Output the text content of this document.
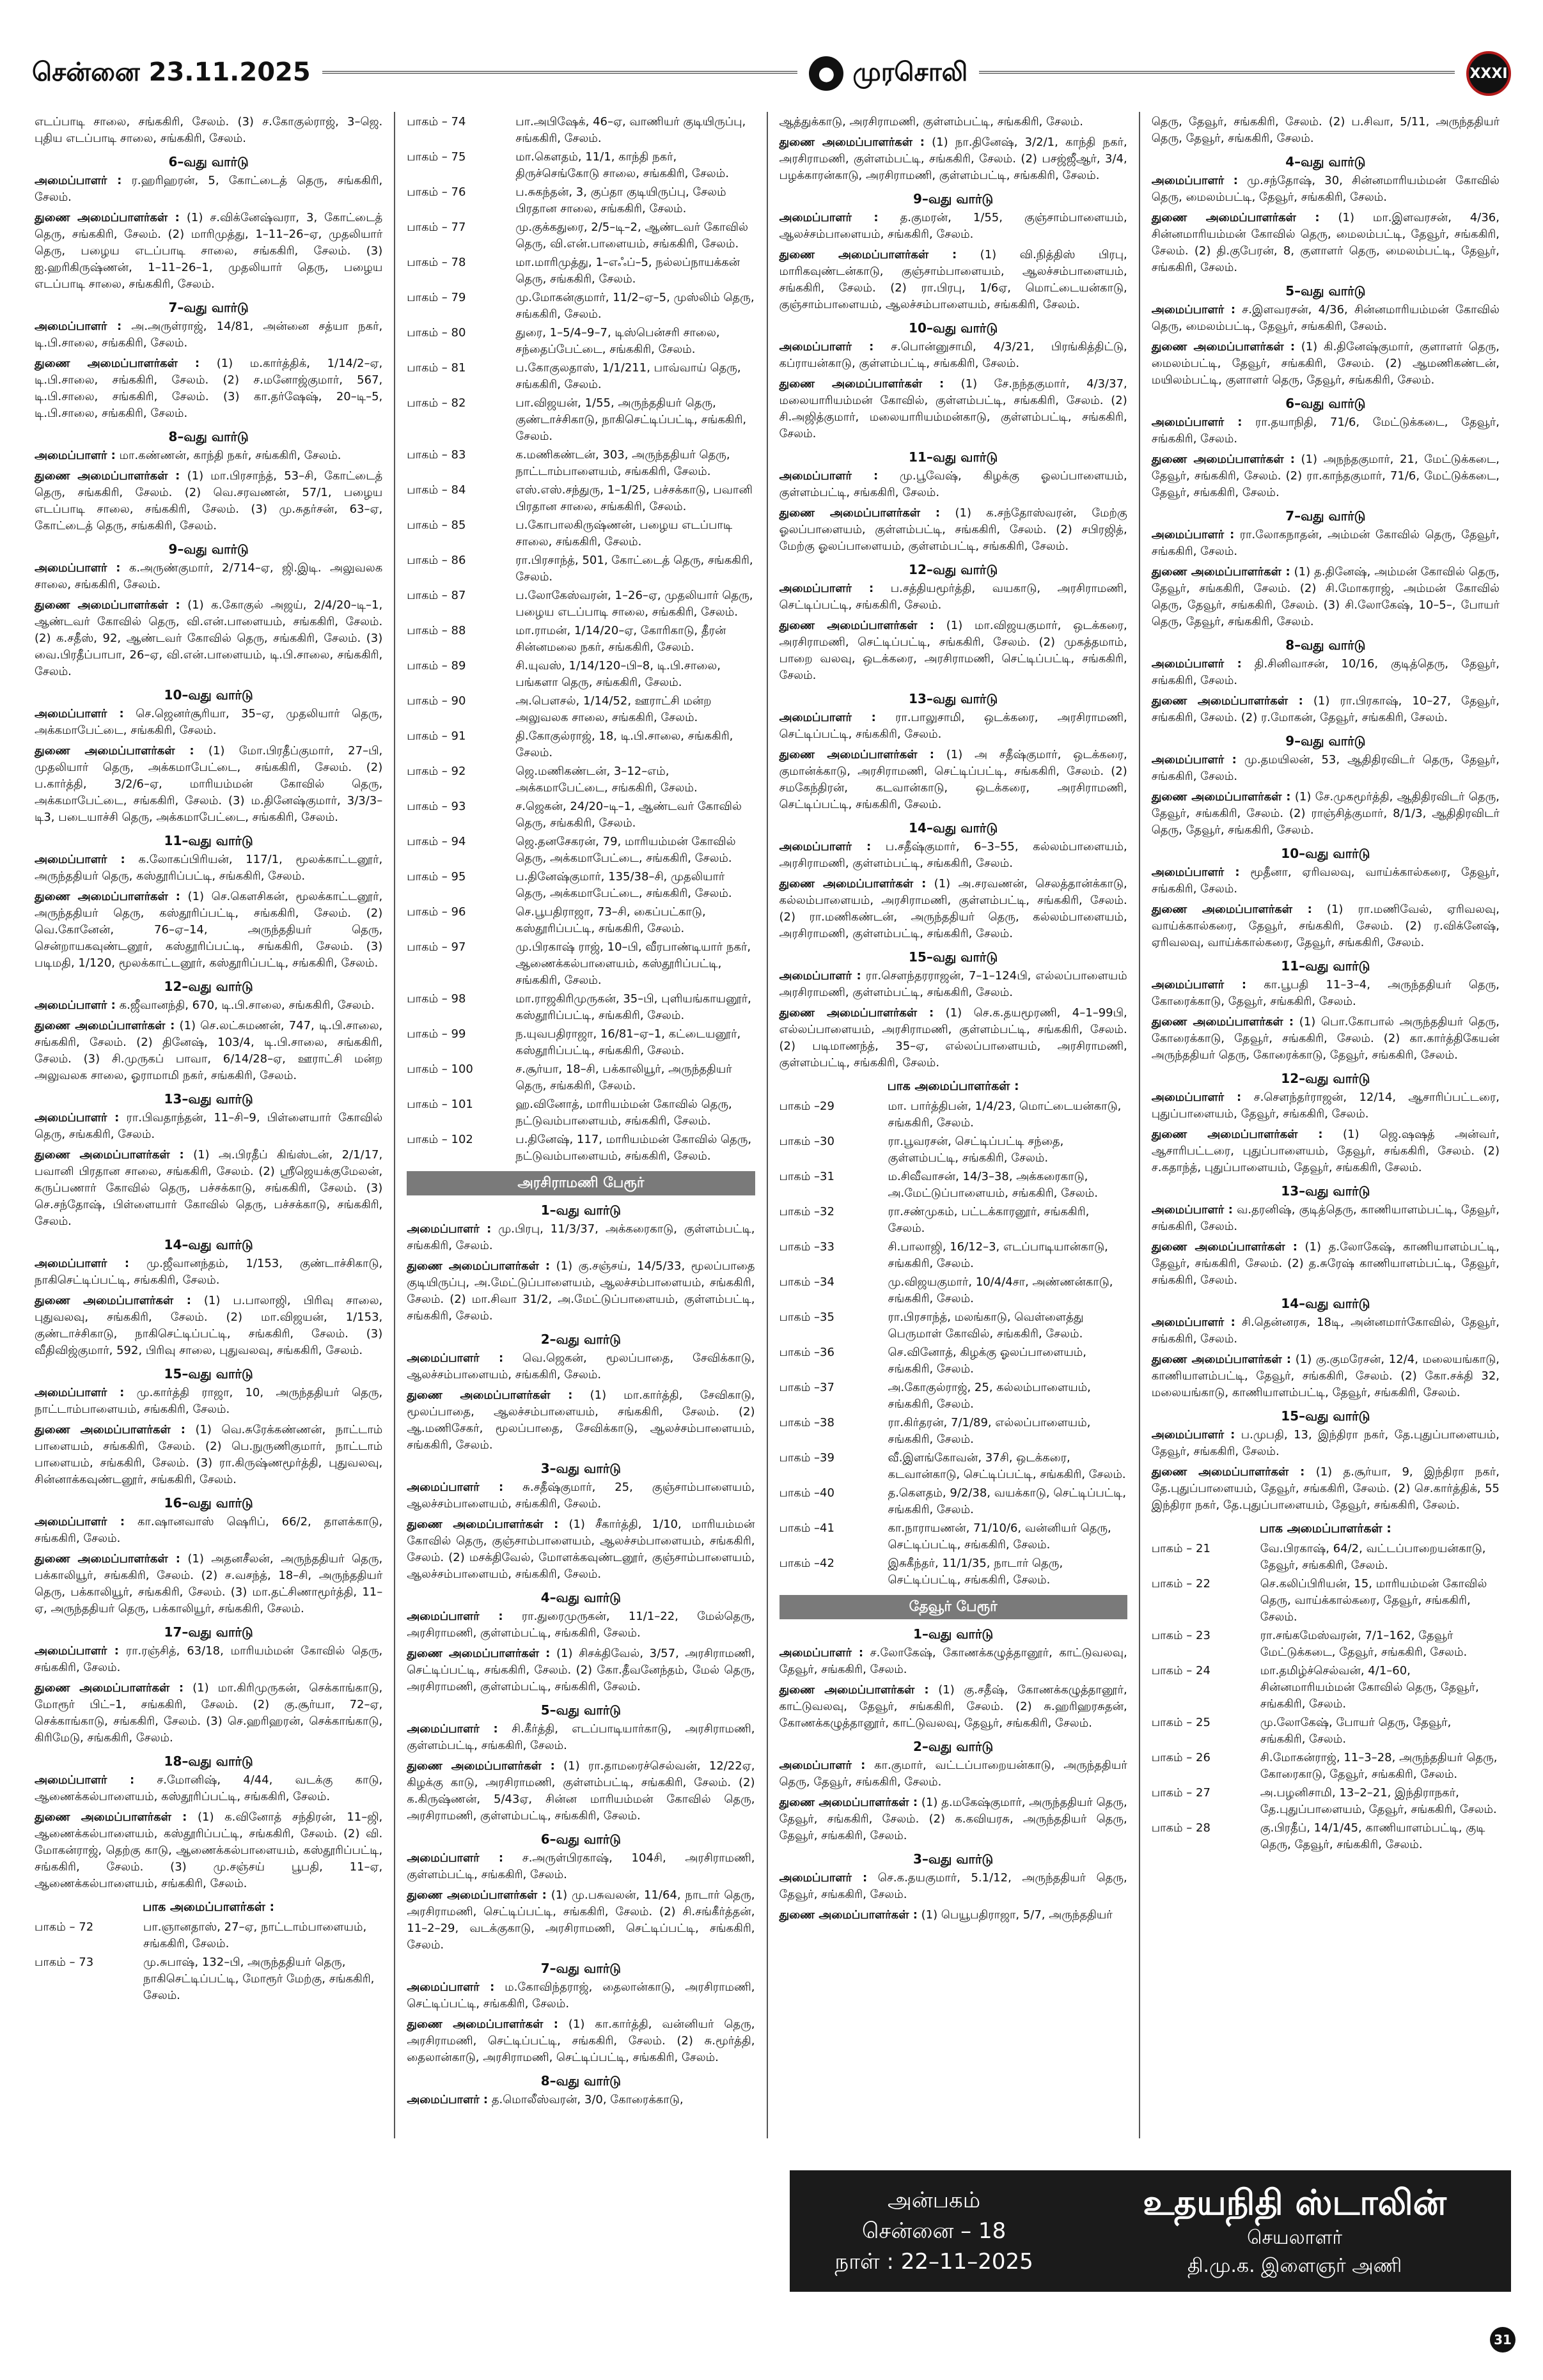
சென்னை 23.11.2025	● முரசொலி	XXXI
எடப்பாடி சாலை, சங்ககிரி, சேலம். (3) ச.கோகுல்ராஜ், 3–ஜெ. புதிய எடப்பாடி சாலை, சங்ககிரி, சேலம்.
6–வது வார்டு
அமைப்பாளர் : ர.ஹரிஹரன், 5, கோட்டைத் தெரு, சங்ககிரி, சேலம்.
துணை அமைப்பாளர்கள் : (1) ச.விக்னேஷ்வரா, 3, கோட்டைத் தெரு, சங்ககிரி, சேலம். (2) மாரிமுத்து, 1–11–26–ஏ, முதலியார் தெரு, பழைய எடப்பாடி சாலை, சங்ககிரி, சேலம். (3) ஐ.ஹரிகிருஷ்ணன், 1–11–26–1, முதலியார் தெரு, பழைய எடப்பாடி சாலை, சங்ககிரி, சேலம்.
7–வது வார்டு
அமைப்பாளர் : அ.அருள்ராஜ், 14/81, அன்னை சத்யா நகர், டி.பி.சாலை, சங்ககிரி, சேலம்.
துணை அமைப்பாளர்கள் : (1) ம.கார்த்திக், 1/14/2–ஏ, டி.பி.சாலை, சங்ககிரி, சேலம். (2) ச.மனோஜ்குமார், 567, டி.பி.சாலை, சங்ககிரி, சேலம். (3) கா.தர்ஷேஷ், 20–டி–5, டி.பி.சாலை, சங்ககிரி, சேலம்.
8–வது வார்டு
அமைப்பாளர் : மா.கண்ணன், காந்தி நகர், சங்ககிரி, சேலம்.
துணை அமைப்பாளர்கள் : (1) மா.பிரசாந்த், 53–சி, கோட்டைத் தெரு, சங்ககிரி, சேலம். (2) வெ.சரவணன், 57/1, பழைய எடப்பாடி சாலை, சங்ககிரி, சேலம். (3) மு.சுதர்சன், 63–ஏ, கோட்டைத் தெரு, சங்ககிரி, சேலம்.
9–வது வார்டு
அமைப்பாளர் : க.அருண்குமார், 2/714–ஏ, ஜி.இடி. அலுவலக சாலை, சங்ககிரி, சேலம்.
துணை அமைப்பாளர்கள் : (1) க.கோகுல் அஜய், 2/4/20–டி–1, ஆண்டவர் கோவில் தெரு, வி.என்.பாளையம், சங்ககிரி, சேலம். (2) க.சதீஸ், 92, ஆண்டவர் கோவில் தெரு, சங்ககிரி, சேலம். (3) வை.பிரதீப்பாபா, 26–ஏ, வி.என்.பாளையம், டி.பி.சாலை, சங்ககிரி, சேலம்.
10–வது வார்டு
அமைப்பாளர் : செ.ஜெனர்சூரியா, 35–ஏ, முதலியார் தெரு, அக்கமாபேட்டை, சங்ககிரி, சேலம்.
துணை அமைப்பாளர்கள் : (1) மோ.பிரதீப்குமார், 27–பி, முதலியார் தெரு, அக்கமாபேட்டை, சங்ககிரி, சேலம். (2) ப.கார்த்தி, 3/2/6–ஏ, மாரியம்மன் கோவில் தெரு, அக்கமாபேட்டை, சங்ககிரி, சேலம். (3) ம.தினேஷ்குமார், 3/3/3–டி3, படையாச்சி தெரு, அக்கமாபேட்டை, சங்ககிரி, சேலம்.
11–வது வார்டு
அமைப்பாளர் : க.லோகப்பிரியன், 117/1, மூலக்காட்டனூர், அருந்ததியர் தெரு, கஸ்தூரிப்பட்டி, சங்ககிரி, சேலம்.
துணை அமைப்பாளர்கள் : (1) செ.கௌசிகன், மூலக்காட்டனூர், அருந்ததியர் தெரு, கஸ்தூரிப்பட்டி, சங்ககிரி, சேலம். (2) வெ.கோனேன், 76–ஏ–14, அருந்ததியர் தெரு, சென்றாயகவுண்டனூர், கஸ்தூரிப்பட்டி, சங்ககிரி, சேலம். (3) படிமதி, 1/120, மூலக்காட்டனூர், கஸ்தூரிப்பட்டி, சங்ககிரி, சேலம்.
12–வது வார்டு
அமைப்பாளர் : க.ஜீவானந்தி, 670, டி.பி.சாலை, சங்ககிரி, சேலம்.
துணை அமைப்பாளர்கள் : (1) செ.லட்சுமணன், 747, டி.பி.சாலை, சங்ககிரி, சேலம். (2) தினேஷ், 103/4, டி.பி.சாலை, சங்ககிரி, சேலம். (3) சி.முருகப் பாவா, 6/14/28–ஏ, ஊராட்சி மன்ற அலுவலக சாலை, ஓராமாமி நகர், சங்ககிரி, சேலம்.
13–வது வார்டு
அமைப்பாளர் : ரா.பிவதாந்தன், 11–சி–9, பிள்ளையார் கோவில் தெரு, சங்ககிரி, சேலம்.
துணை அமைப்பாளர்கள் : (1) அ.பிரதீப் கிங்ஸ்டன், 2/1/17, பவானி பிரதான சாலை, சங்ககிரி, சேலம். (2) ஸ்ரீஜெயக்குமேலன், கருப்பணார் கோவில் தெரு, பச்சக்காடு, சங்ககிரி, சேலம். (3) செ.சந்தோஷ், பிள்ளையார் கோவில் தெரு, பச்சக்காடு, சங்ககிரி, சேலம்.
14–வது வார்டு
அமைப்பாளர் : மு.ஜீவானந்தம், 1/153, குண்டாச்சிகாடு, நாகிசெட்டிப்பட்டி, சங்ககிரி, சேலம்.
துணை அமைப்பாளர்கள் : (1) ப.பாலாஜி, பிரிவு சாலை, புதுவலவு, சங்ககிரி, சேலம். (2) மா.விஜயன், 1/153, குண்டாச்சிகாடு, நாகிசெட்டிப்பட்டி, சங்ககிரி, சேலம். (3) வீதிவிஜ்குமார், 592, பிரிவு சாலை, புதுவலவு, சங்ககிரி, சேலம்.
15–வது வார்டு
அமைப்பாளர் : மு.கார்த்தி ராஜா, 10, அருந்ததியர் தெரு, நாட்டாம்பாளையம், சங்ககிரி, சேலம்.
துணை அமைப்பாளர்கள் : (1) வெ.சுரேக்கண்ணன், நாட்டாம் பாளையம், சங்ககிரி, சேலம். (2) பெ.நுருணிகுமார், நாட்டாம் பாளையம், சங்ககிரி, சேலம். (3) ரா.கிருஷ்ணமூர்த்தி, புதுவலவு, சின்னாக்கவுண்டனூர், சங்ககிரி, சேலம்.
16–வது வார்டு
அமைப்பாளர் : கா.ஷானவாஸ் ஷெரிப், 66/2, தாளக்காடு, சங்ககிரி, சேலம்.
துணை அமைப்பாளர்கள் : (1) அதனசீலன், அருந்ததியர் தெரு, பக்காலியூர், சங்ககிரி, சேலம். (2) ச.வசந்த், 18–சி, அருந்ததியர் தெரு, பக்காலியூர், சங்ககிரி, சேலம். (3) மா.தட்சிணாமூர்த்தி, 11–ஏ, அருந்ததியர் தெரு, பக்காலியூர், சங்ககிரி, சேலம்.
17–வது வார்டு
அமைப்பாளர் : ரா.ரஞ்சித், 63/18, மாரியம்மன் கோவில் தெரு, சங்ககிரி, சேலம்.
துணை அமைப்பாளர்கள் : (1) மா.கிரிமுருகன், செக்காங்காடு, மோரூர் பிட்–1, சங்ககிரி, சேலம். (2) கு.சூர்யா, 72–ஏ, செக்காங்காடு, சங்ககிரி, சேலம். (3) செ.ஹரிஹரன், செக்காங்காடு, கிரிமேடு, சங்ககிரி, சேலம்.
18–வது வார்டு
அமைப்பாளர் : ச.மோனிஷ், 4/44, வடக்கு காடு, ஆணைக்கல்பாளையம், கஸ்தூரிப்பட்டி, சங்ககிரி, சேலம்.
துணை அமைப்பாளர்கள் : (1) க.வினோத் சந்திரன், 11–ஜி, ஆணைக்கல்பாளையம், கஸ்தூரிப்பட்டி, சங்ககிரி, சேலம். (2) வி. மோகன்ராஜ், தெற்கு காடு, ஆணைக்கல்பாளையம், கஸ்தூரிப்பட்டி, சங்ககிரி, சேலம். (3) மு.சஞ்சய் பூபதி, 11–ஏ, ஆணைக்கல்பாளையம், சங்ககிரி, சேலம்.
பாக அமைப்பாளர்கள் :
பாகம் – 72	பா.ஞானதாஸ், 27–ஏ, நாட்டாம்பாளையம், சங்ககிரி, சேலம்.
பாகம் – 73	மு.சுபாஷ், 132–பி, அருந்ததியர் தெரு, நாகிசெட்டிப்பட்டி, மோரூர் மேற்கு, சங்ககிரி, சேலம்.
பாகம் – 74	பா.அபிஷேக், 46–ஏ, வாணியர் குடியிருப்பு, சங்ககிரி, சேலம்.
பாகம் – 75	மா.கௌதம், 11/1, காந்தி நகர், திருச்செங்கோடு சாலை, சங்ககிரி, சேலம்.
பாகம் – 76	ப.சுகந்தன், 3, குப்தா குடியிருப்பு, சேலம் பிரதான சாலை, சங்ககிரி, சேலம்.
பாகம் – 77	மு.குக்கதுரை, 2/5–டி–2, ஆண்டவர் கோவில் தெரு, வி.என்.பாளையம், சங்ககிரி, சேலம்.
பாகம் – 78	மா.மாரிமுத்து, 1–எஃப்–5, நல்லப்நாயக்கன் தெரு, சங்ககிரி, சேலம்.
பாகம் – 79	மு.மோகன்குமார், 11/2–ஏ–5, முஸ்லிம் தெரு, சங்ககிரி, சேலம்.
பாகம் – 80	துரை, 1–5/4–9–7, டிஸ்பென்சரி சாலை, சந்தைப்பேட்டை, சங்ககிரி, சேலம்.
பாகம் – 81	ப.கோகுலதாஸ், 1/1/211, பாவ்வாய் தெரு, சங்ககிரி, சேலம்.
பாகம் – 82	பா.விஜயன், 1/55, அருந்ததியர் தெரு, குண்டாச்சிகாடு, நாகிசெட்டிப்பட்டி, சங்ககிரி, சேலம்.
பாகம் – 83	க.மணிகண்டன், 303, அருந்ததியர் தெரு, நாட்டாம்பாளையம், சங்ககிரி, சேலம்.
பாகம் – 84	எஸ்.எஸ்.சந்துரு, 1–1/25, பச்சக்காடு, பவானி பிரதான சாலை, சங்ககிரி, சேலம்.
பாகம் – 85	ப.கோபாலகிருஷ்ணன், பழைய எடப்பாடி சாலை, சங்ககிரி, சேலம்.
பாகம் – 86	ரா.பிரசாந்த், 501, கோட்டைத் தெரு, சங்ககிரி, சேலம்.
பாகம் – 87	ப.லோகேஸ்வரன், 1–26–ஏ, முதலியார் தெரு, பழைய எடப்பாடி சாலை, சங்ககிரி, சேலம்.
பாகம் – 88	மா.ராமன், 1/14/20–ஏ, கோரிகாடு, தீரன் சின்னமலை நகர், சங்ககிரி, சேலம்.
பாகம் – 89	சி.யுவஸ், 1/14/120–பி–8, டி.பி.சாலை, பங்களா தெரு, சங்ககிரி, சேலம்.
பாகம் – 90	அ.பௌசல், 1/14/52, ஊராட்சி மன்ற அலுவலக சாலை, சங்ககிரி, சேலம்.
பாகம் – 91	தி.கோகுல்ராஜ், 18, டி.பி.சாலை, சங்ககிரி, சேலம்.
பாகம் – 92	ஜெ.மணிகண்டன், 3–12–எம், அக்கமாபேட்டை, சங்ககிரி, சேலம்.
பாகம் – 93	ச.ஜெகன், 24/20–டி–1, ஆண்டவர் கோவில் தெரு, சங்ககிரி, சேலம்.
பாகம் – 94	ஜெ.தனசேகரன், 79, மாரியம்மன் கோவில் தெரு, அக்கமாபேட்டை, சங்ககிரி, சேலம்.
பாகம் – 95	ப.தினேஷ்குமார், 135/38–சி, முதலியார் தெரு, அக்கமாபேட்டை, சங்ககிரி, சேலம்.
பாகம் – 96	செ.பூபதிராஜா, 73–சி, கைப்பட்காடு, கஸ்தூரிப்பட்டி, சங்ககிரி, சேலம்.
பாகம் – 97	மு.பிரகாஷ் ராஜ், 10–பி, வீரபாண்டியார் நகர், ஆணைக்கல்பாளையம், கஸ்தூரிப்பட்டி, சங்ககிரி, சேலம்.
பாகம் – 98	மா.ராஜகிரிமுருகன், 35–பி, புளியங்காயனூர், கஸ்தூரிப்பட்டி, சங்ககிரி, சேலம்.
பாகம் – 99	ந.யுவபதிராஜா, 16/81–ஏ–1, கட்டையனூர், கஸ்தூரிப்பட்டி, சங்ககிரி, சேலம்.
பாகம் – 100	ச.சூர்யா, 18–சி, பக்காலியூர், அருந்ததியர் தெரு, சங்ககிரி, சேலம்.
பாகம் – 101	ஹ.வினோத், மாரியம்மன் கோவில் தெரு, நட்டுவம்பாளையம், சங்ககிரி, சேலம்.
பாகம் – 102	ப.தினேஷ், 117, மாரியம்மன் கோவில் தெரு, நட்டுவம்பாளையம், சங்ககிரி, சேலம்.
அரசிராமணி பேரூர்
1–வது வார்டு
அமைப்பாளர் : மு.பிரபு, 11/3/37, அக்கரைகாடு, குள்ளம்பட்டி, சங்ககிரி, சேலம்.
துணை அமைப்பாளர்கள் : (1) கு.சஞ்சய், 14/5/33, மூலப்பாதை குடியிருப்பு, அ.மேட்டுப்பாளையம், ஆலச்சம்பாளையம், சங்ககிரி, சேலம். (2) மா.சிவா 31/2, அ.மேட்டுப்பாளையம், குள்ளம்பட்டி, சங்ககிரி, சேலம்.
2–வது வார்டு
அமைப்பாளர் : வெ.ஜெகன், மூலப்பாதை, சேவிக்காடு, ஆலச்சம்பாளையம், சங்ககிரி, சேலம்.
துணை அமைப்பாளர்கள் : (1) மா.கார்த்தி, சேவிகாடு, மூலப்பாதை, ஆலச்சம்பாளையம், சங்ககிரி, சேலம். (2) ஆ.மணிசேகர், மூலப்பாதை, சேவிக்காடு, ஆலச்சம்பாளையம், சங்ககிரி, சேலம்.
3–வது வார்டு
அமைப்பாளர் : சு.சதீஷ்குமார், 25, குஞ்சாம்பாளையம், ஆலச்சம்பாளையம், சங்ககிரி, சேலம்.
துணை அமைப்பாளர்கள் : (1) சீகார்த்தி, 1/10, மாரியம்மன் கோவில் தெரு, குஞ்சாம்பாளையம், ஆலச்சம்பாளையம், சங்ககிரி, சேலம். (2) மசக்திவேல், மோளக்கவுண்டனூர், குஞ்சாம்பாளையம், ஆலச்சம்பாளையம், சங்ககிரி, சேலம்.
4–வது வார்டு
அமைப்பாளர் : ரா.துரைமுருகன், 11/1–22, மேல்தெரு, அரசிராமணி, குள்ளம்பட்டி, சங்ககிரி, சேலம்.
துணை அமைப்பாளர்கள் : (1) சிசக்திவேல், 3/57, அரசிராமணி, செட்டிப்பட்டி, சங்ககிரி, சேலம். (2) கோ.தீவனேந்தம், மேல் தெரு, அரசிராமணி, குள்ளம்பட்டி, சங்ககிரி, சேலம்.
5–வது வார்டு
அமைப்பாளர் : சி.கீர்த்தி, எடப்பாடியார்காடு, அரசிராமணி, குள்ளம்பட்டி, சங்ககிரி, சேலம்.
துணை அமைப்பாளர்கள் : (1) ரா.தாமரைச்செல்வன், 12/22ஏ, கிழக்கு காடு, அரசிராமணி, குள்ளம்பட்டி, சங்ககிரி, சேலம். (2) க.கிருஷ்ணன், 5/43ஏ, சின்ன மாரியம்மன் கோவில் தெரு, அரசிராமணி, குள்ளம்பட்டி, சங்ககிரி, சேலம்.
6–வது வார்டு
அமைப்பாளர் : ச.அருள்பிரகாஷ், 104சி, அரசிராமணி, குள்ளம்பட்டி, சங்ககிரி, சேலம்.
துணை அமைப்பாளர்கள் : (1) மு.பசுவலன், 11/64, நாடார் தெரு, அரசிராமணி, செட்டிப்பட்டி, சங்ககிரி, சேலம். (2) சி.சங்கீர்த்தன், 11–2–29, வடக்குகாடு, அரசிராமணி, செட்டிப்பட்டி, சங்ககிரி, சேலம்.
7–வது வார்டு
அமைப்பாளர் : ம.கோவிந்தராஜ், தைலான்காடு, அரசிராமணி, செட்டிப்பட்டி, சங்ககிரி, சேலம்.
துணை அமைப்பாளர்கள் : (1) கா.கார்த்தி, வன்னியர் தெரு, அரசிராமணி, செட்டிப்பட்டி, சங்ககிரி, சேலம். (2) சு.மூர்த்தி, தைலான்காடு, அரசிராமணி, செட்டிப்பட்டி, சங்ககிரி, சேலம்.
8–வது வார்டு
அமைப்பாளர் : த.மொலீஸ்வரன், 3/0, கோரைக்காடு,
ஆத்துக்காடு, அரசிராமணி, குள்ளம்பட்டி, சங்ககிரி, சேலம்.
துணை அமைப்பாளர்கள் : (1) நா.தினேஷ், 3/2/1, காந்தி நகர், அரசிராமணி, குள்ளம்பட்டி, சங்ககிரி, சேலம். (2) பசஜ்ஜீஆர், 3/4, பழக்காரன்காடு, அரசிராமணி, குள்ளம்பட்டி, சங்ககிரி, சேலம்.
9–வது வார்டு
அமைப்பாளர் : த.குமரன், 1/55, குஞ்சாம்பாளையம், ஆலச்சம்பாளையம், சங்ககிரி, சேலம்.
துணை அமைப்பாளர்கள் : (1) வி.நித்திஸ் பிரபு, மாரிகவுண்டன்காடு, குஞ்சாம்பாளையம், ஆலச்சம்பாளையம், சங்ககிரி, சேலம். (2) ரா.பிரபு, 1/6ஏ, மொட்டையன்காடு, குஞ்சாம்பாளையம், ஆலச்சம்பாளையம், சங்ககிரி, சேலம்.
10–வது வார்டு
அமைப்பாளர் : ச.பொன்னுசாமி, 4/3/21, பிரங்கித்திட்டு, கப்ராயன்காடு, குள்ளம்பட்டி, சங்ககிரி, சேலம்.
துணை அமைப்பாளர்கள் : (1) சே.நந்தகுமார், 4/3/37, மலையாரியம்மன் கோவில், குள்ளம்பட்டி, சங்ககிரி, சேலம். (2) சி.அஜித்குமார், மலையாரியம்மன்காடு, குள்ளம்பட்டி, சங்ககிரி, சேலம்.
11–வது வார்டு
அமைப்பாளர் : மு.பூவேஷ், கிழக்கு ஓலப்பாளையம், குள்ளம்பட்டி, சங்ககிரி, சேலம்.
துணை அமைப்பாளர்கள் : (1) க.சந்தோஸ்வரன், மேற்கு ஓலப்பாளையம், குள்ளம்பட்டி, சங்ககிரி, சேலம். (2) சபிரஜித், மேற்கு ஓலப்பாளையம், குள்ளம்பட்டி, சங்ககிரி, சேலம்.
12–வது வார்டு
அமைப்பாளர் : ப.சத்தியமூர்த்தி, வயகாடு, அரசிராமணி, செட்டிப்பட்டி, சங்ககிரி, சேலம்.
துணை அமைப்பாளர்கள் : (1) மா.விஜயகுமார், ஒடக்கரை, அரசிராமணி, செட்டிப்பட்டி, சங்ககிரி, சேலம். (2) முகத்தமாம், பாறை வலவு, ஒடக்கரை, அரசிராமணி, செட்டிப்பட்டி, சங்ககிரி, சேலம்.
13–வது வார்டு
அமைப்பாளர் : ரா.பாலுசாமி, ஒடக்கரை, அரசிராமணி, செட்டிப்பட்டி, சங்ககிரி, சேலம்.
துணை அமைப்பாளர்கள் : (1) அ சதீஷ்குமார், ஒடக்கரை, குமான்க்காடு, அரசிராமணி, செட்டிப்பட்டி, சங்ககிரி, சேலம். (2) சமகேந்திரன், கடவான்காடு, ஒடக்கரை, அரசிராமணி, செட்டிப்பட்டி, சங்ககிரி, சேலம்.
14–வது வார்டு
அமைப்பாளர் : ப.சதீஷ்குமார், 6–3–55, கல்லம்பாளையம், அரசிராமணி, குள்ளம்பட்டி, சங்ககிரி, சேலம்.
துணை அமைப்பாளர்கள் : (1) அ.சரவணன், செலத்தான்க்காடு, கல்லம்பாளையம், அரசிராமணி, குள்ளம்பட்டி, சங்ககிரி, சேலம். (2) ரா.மணிகண்டன், அருந்ததியர் தெரு, கல்லம்பாளையம், அரசிராமணி, குள்ளம்பட்டி, சங்ககிரி, சேலம்.
15–வது வார்டு
அமைப்பாளர் : ரா.சௌந்தரராஜன், 7–1–124பி, எல்லப்பாளையம் அரசிராமணி, குள்ளம்பட்டி, சங்ககிரி, சேலம்.
துணை அமைப்பாளர்கள் : (1) செ.க.தயமூரணி, 4–1–99பி, எல்லப்பாளையம், அரசிராமணி, குள்ளம்பட்டி, சங்ககிரி, சேலம். (2) படிமாணந்த், 35–ஏ, எல்லப்பாளையம், அரசிராமணி, குள்ளம்பட்டி, சங்ககிரி, சேலம்.
பாக அமைப்பாளர்கள் :
பாகம் –29	மா. பார்த்திபன், 1/4/23, மொட்டையன்காடு, சங்ககிரி, சேலம்.
பாகம் –30	ரா.பூவரசன், செட்டிப்பட்டி சந்தை, குள்ளம்பட்டி, சங்ககிரி, சேலம்.
பாகம் –31	ம.சிவீவாசன், 14/3–38, அக்கரைகாடு, அ.மேட்டுப்பாளையம், சங்ககிரி, சேலம்.
பாகம் –32	ரா.சண்முகம், பட்டக்காரனூர், சங்ககிரி, சேலம்.
பாகம் –33	சி.பாலாஜி, 16/12–3, எடப்பாடியான்காடு, சங்ககிரி, சேலம்.
பாகம் –34	மு.விஜயகுமார், 10/4/4சா, அண்ணன்காடு, சங்ககிரி, சேலம்.
பாகம் –35	ரா.பிரசாந்த், மலங்காடு, வெள்ளைத்து பெருமாள் கோவில், சங்ககிரி, சேலம்.
பாகம் –36	செ.வினோத், கிழக்கு ஓலப்பாளையம், சங்ககிரி, சேலம்.
பாகம் –37	அ.கோகுல்ராஜ், 25, கல்லம்பாளையம், சங்ககிரி, சேலம்.
பாகம் –38	ரா.கிர்தரன், 7/1/89, எல்லப்பாளையம், சங்ககிரி, சேலம்.
பாகம் –39	வீ.இளங்கோவன், 37சி, ஒடக்கரை, கடவான்காடு, செட்டிப்பட்டி, சங்ககிரி, சேலம்.
பாகம் –40	த.கௌதம், 9/2/38, வயக்காடு, செட்டிப்பட்டி, சங்ககிரி, சேலம்.
பாகம் –41	கா.நாராயணன், 71/10/6, வன்னியர் தெரு, செட்டிப்பட்டி, சங்ககிரி, சேலம்.
பாகம் –42	இசுகீந்தர், 11/1/35, நாடார் தெரு, செட்டிப்பட்டி, சங்ககிரி, சேலம்.
தேவூர் பேரூர்
1–வது வார்டு
அமைப்பாளர் : ச.லோகேஷ், கோணக்கழுத்தானூர், காட்டுவலவு, தேவூர், சங்ககிரி, சேலம்.
துணை அமைப்பாளர்கள் : (1) கு.சதீஷ், கோணக்கழுத்தானூர், காட்டுவலவு, தேவூர், சங்ககிரி, சேலம். (2) சு.ஹரிஹரசுதன், கோணக்கழுத்தானூர், காட்டுவலவு, தேவூர், சங்ககிரி, சேலம்.
2–வது வார்டு
அமைப்பாளர் : கா.குமார், வட்டப்பாறையன்காடு, அருந்ததியர் தெரு, தேவூர், சங்ககிரி, சேலம்.
துணை அமைப்பாளர்கள் : (1) த.மகேஷ்குமார், அருந்ததியர் தெரு, தேவூர், சங்ககிரி, சேலம். (2) க.கவியரசு, அருந்ததியர் தெரு, தேவூர், சங்ககிரி, சேலம்.
3–வது வார்டு
அமைப்பாளர் : செ.க.தயகுமார், 5.1/12, அருந்ததியர் தெரு, தேவூர், சங்ககிரி, சேலம்.
துணை அமைப்பாளர்கள் : (1) பெயூபதிராஜா, 5/7, அருந்ததியர்
தெரு, தேவூர், சங்ககிரி, சேலம். (2) ப.சிவா, 5/11, அருந்ததியர் தெரு, தேவூர், சங்ககிரி, சேலம்.
4–வது வார்டு
அமைப்பாளர் : மு.சந்தோஷ், 30, சின்னமாரியம்மன் கோவில் தெரு, மைலம்பட்டி, தேவூர், சங்ககிரி, சேலம்.
துணை அமைப்பாளர்கள் : (1) மா.இளவரசன், 4/36, சின்னமாரியம்மன் கோவில் தெரு, மைலம்பட்டி, தேவூர், சங்ககிரி, சேலம். (2) தி.குபேரன், 8, குளாளர் தெரு, மைலம்பட்டி, தேவூர், சங்ககிரி, சேலம்.
5–வது வார்டு
அமைப்பாளர் : ச.இளவரசன், 4/36, சின்னமாரியம்மன் கோவில் தெரு, மைலம்பட்டி, தேவூர், சங்ககிரி, சேலம்.
துணை அமைப்பாளர்கள் : (1) கி.தினேஷ்குமார், குளாளர் தெரு, மைலம்பட்டி, தேவூர், சங்ககிரி, சேலம். (2) ஆமணிகண்டன், மயிலம்பட்டி, குளாளர் தெரு, தேவூர், சங்ககிரி, சேலம்.
6–வது வார்டு
அமைப்பாளர் : ரா.தயாநிதி, 71/6, மேட்டுக்கடை, தேவூர், சங்ககிரி, சேலம்.
துணை அமைப்பாளர்கள் : (1) அநந்தகுமார், 21, மேட்டுக்கடை, தேவூர், சங்ககிரி, சேலம். (2) ரா.காந்தகுமார், 71/6, மேட்டுக்கடை, தேவூர், சங்ககிரி, சேலம்.
7–வது வார்டு
அமைப்பாளர் : ரா.லோகநாதன், அம்மன் கோவில் தெரு, தேவூர், சங்ககிரி, சேலம்.
துணை அமைப்பாளர்கள் : (1) த.தினேஷ், அம்மன் கோவில் தெரு, தேவூர், சங்ககிரி, சேலம். (2) சி.மோகராஜ், அம்மன் கோவில் தெரு, தேவூர், சங்ககிரி, சேலம். (3) சி.லோகேஷ், 10–5–, போயர் தெரு, தேவூர், சங்ககிரி, சேலம்.
8–வது வார்டு
அமைப்பாளர் : தி.சினிவாசன், 10/16, குடித்தெரு, தேவூர், சங்ககிரி, சேலம்.
துணை அமைப்பாளர்கள் : (1) ரா.பிரகாஷ், 10–27, தேவூர், சங்ககிரி, சேலம். (2) ர.மோகன், தேவூர், சங்ககிரி, சேலம்.
9–வது வார்டு
அமைப்பாளர் : மு.தமயிலன், 53, ஆதிதிரவிடர் தெரு, தேவூர், சங்ககிரி, சேலம்.
துணை அமைப்பாளர்கள் : (1) சே.முகமூர்த்தி, ஆதிதிரவிடர் தெரு, தேவூர், சங்ககிரி, சேலம். (2) ராஞ்சித்குமார், 8/1/3, ஆதிதிரவிடர் தெரு, தேவூர், சங்ககிரி, சேலம்.
10–வது வார்டு
அமைப்பாளர் : மூதீனா, ஏரிவலவு, வாய்க்கால்கரை, தேவூர், சங்ககிரி, சேலம்.
துணை அமைப்பாளர்கள் : (1) ரா.மணிவேல், ஏரிவலவு, வாய்க்கால்கரை, தேவூர், சங்ககிரி, சேலம். (2) ர.விக்னேஷ், ஏரிவலவு, வாய்க்கால்கரை, தேவூர், சங்ககிரி, சேலம்.
11–வது வார்டு
அமைப்பாளர் : கா.பூபதி 11–3–4, அருந்ததியர் தெரு, கோரைக்காடு, தேவூர், சங்ககிரி, சேலம்.
துணை அமைப்பாளர்கள் : (1) பொ.கோபால் அருந்ததியர் தெரு, கோரைக்காடு, தேவூர், சங்ககிரி, சேலம். (2) கா.கார்த்திகேயன் அருந்ததியர் தெரு, கோரைக்காடு, தேவூர், சங்ககிரி, சேலம்.
12–வது வார்டு
அமைப்பாளர் : ச.சௌந்தர்ராஜன், 12/14, ஆசாரிப்பட்டரை, புதுப்பாளையம், தேவூர், சங்ககிரி, சேலம்.
துணை அமைப்பாளர்கள் : (1) ஜெ.ஷஷத் அன்வர், ஆசாரிபட்டரை, புதுப்பாளையம், தேவூர், சங்ககிரி, சேலம். (2) ச.கதாந்த், புதுப்பாளையம், தேவூர், சங்ககிரி, சேலம்.
13–வது வார்டு
அமைப்பாளர் : வ.தரனிஷ், குடித்தெரு, காணியாளம்பட்டி, தேவூர், சங்ககிரி, சேலம்.
துணை அமைப்பாளர்கள் : (1) த.லோகேஷ், காணியாளம்பட்டி, தேவூர், சங்ககிரி, சேலம். (2) த.சுரேஷ் காணியாளம்பட்டி, தேவூர், சங்ககிரி, சேலம்.
14–வது வார்டு
அமைப்பாளர் : சி.தென்னரசு, 18டி, அன்னமார்கோவில், தேவூர், சங்ககிரி, சேலம்.
துணை அமைப்பாளர்கள் : (1) கு.குமரேசன், 12/4, மலையங்காடு, காணியாளம்பட்டி, தேவூர், சங்ககிரி, சேலம். (2) கோ.சக்தி 32, மலையங்காடு, காணியாளம்பட்டி, தேவூர், சங்ககிரி, சேலம்.
15–வது வார்டு
அமைப்பாளர் : ப.முபதி, 13, இந்திரா நகர், தே.புதுப்பாளையம், தேவூர், சங்ககிரி, சேலம்.
துணை அமைப்பாளர்கள் : (1) த.சூர்யா, 9, இந்திரா நகர், தே.புதுப்பாளையம், தேவூர், சங்ககிரி, சேலம். (2) செ.கார்த்திக், 55 இந்திரா நகர், தே.புதுப்பாளையம், தேவூர், சங்ககிரி, சேலம்.
பாக அமைப்பாளர்கள் :
பாகம் – 21	வே.பிரகாஷ், 64/2, வட்டப்பாறையன்காடு, தேவூர், சங்ககிரி, சேலம்.
பாகம் – 22	செ.கலிப்பிரியன், 15, மாரியம்மன் கோவில் தெரு, வாய்க்கால்கரை, தேவூர், சங்ககிரி, சேலம்.
பாகம் – 23	ரா.சங்கமேஸ்வரன், 7/1–162, தேவூர் மேட்டுக்கடை, தேவூர், சங்ககிரி, சேலம்.
பாகம் – 24	மா.தமிழ்ச்செல்வன், 4/1–60, சின்னமாரியம்மன் கோவில் தெரு, தேவூர், சங்ககிரி, சேலம்.
பாகம் – 25	மு.லோகேஷ், போயர் தெரு, தேவூர், சங்ககிரி, சேலம்.
பாகம் – 26	சி.மோகன்ராஜ், 11–3–28, அருந்ததியர் தெரு, கோரைகாடு, தேவூர், சங்ககிரி, சேலம்.
பாகம் – 27	அ.பழனிசாமி, 13–2–21, இந்திராநகர், தே.புதுப்பாளையம், தேவூர், சங்ககிரி, சேலம்.
பாகம் – 28	கு.பிரதீப், 14/1/45, காணியாளம்பட்டி, குடி தெரு, தேவூர், சங்ககிரி, சேலம்.
அன்பகம்
சென்னை – 18
நாள் : 22–11–2025
உதயநிதி ஸ்டாலின்
செயலாளர்
தி.மு.க. இளைஞர் அணி
31
